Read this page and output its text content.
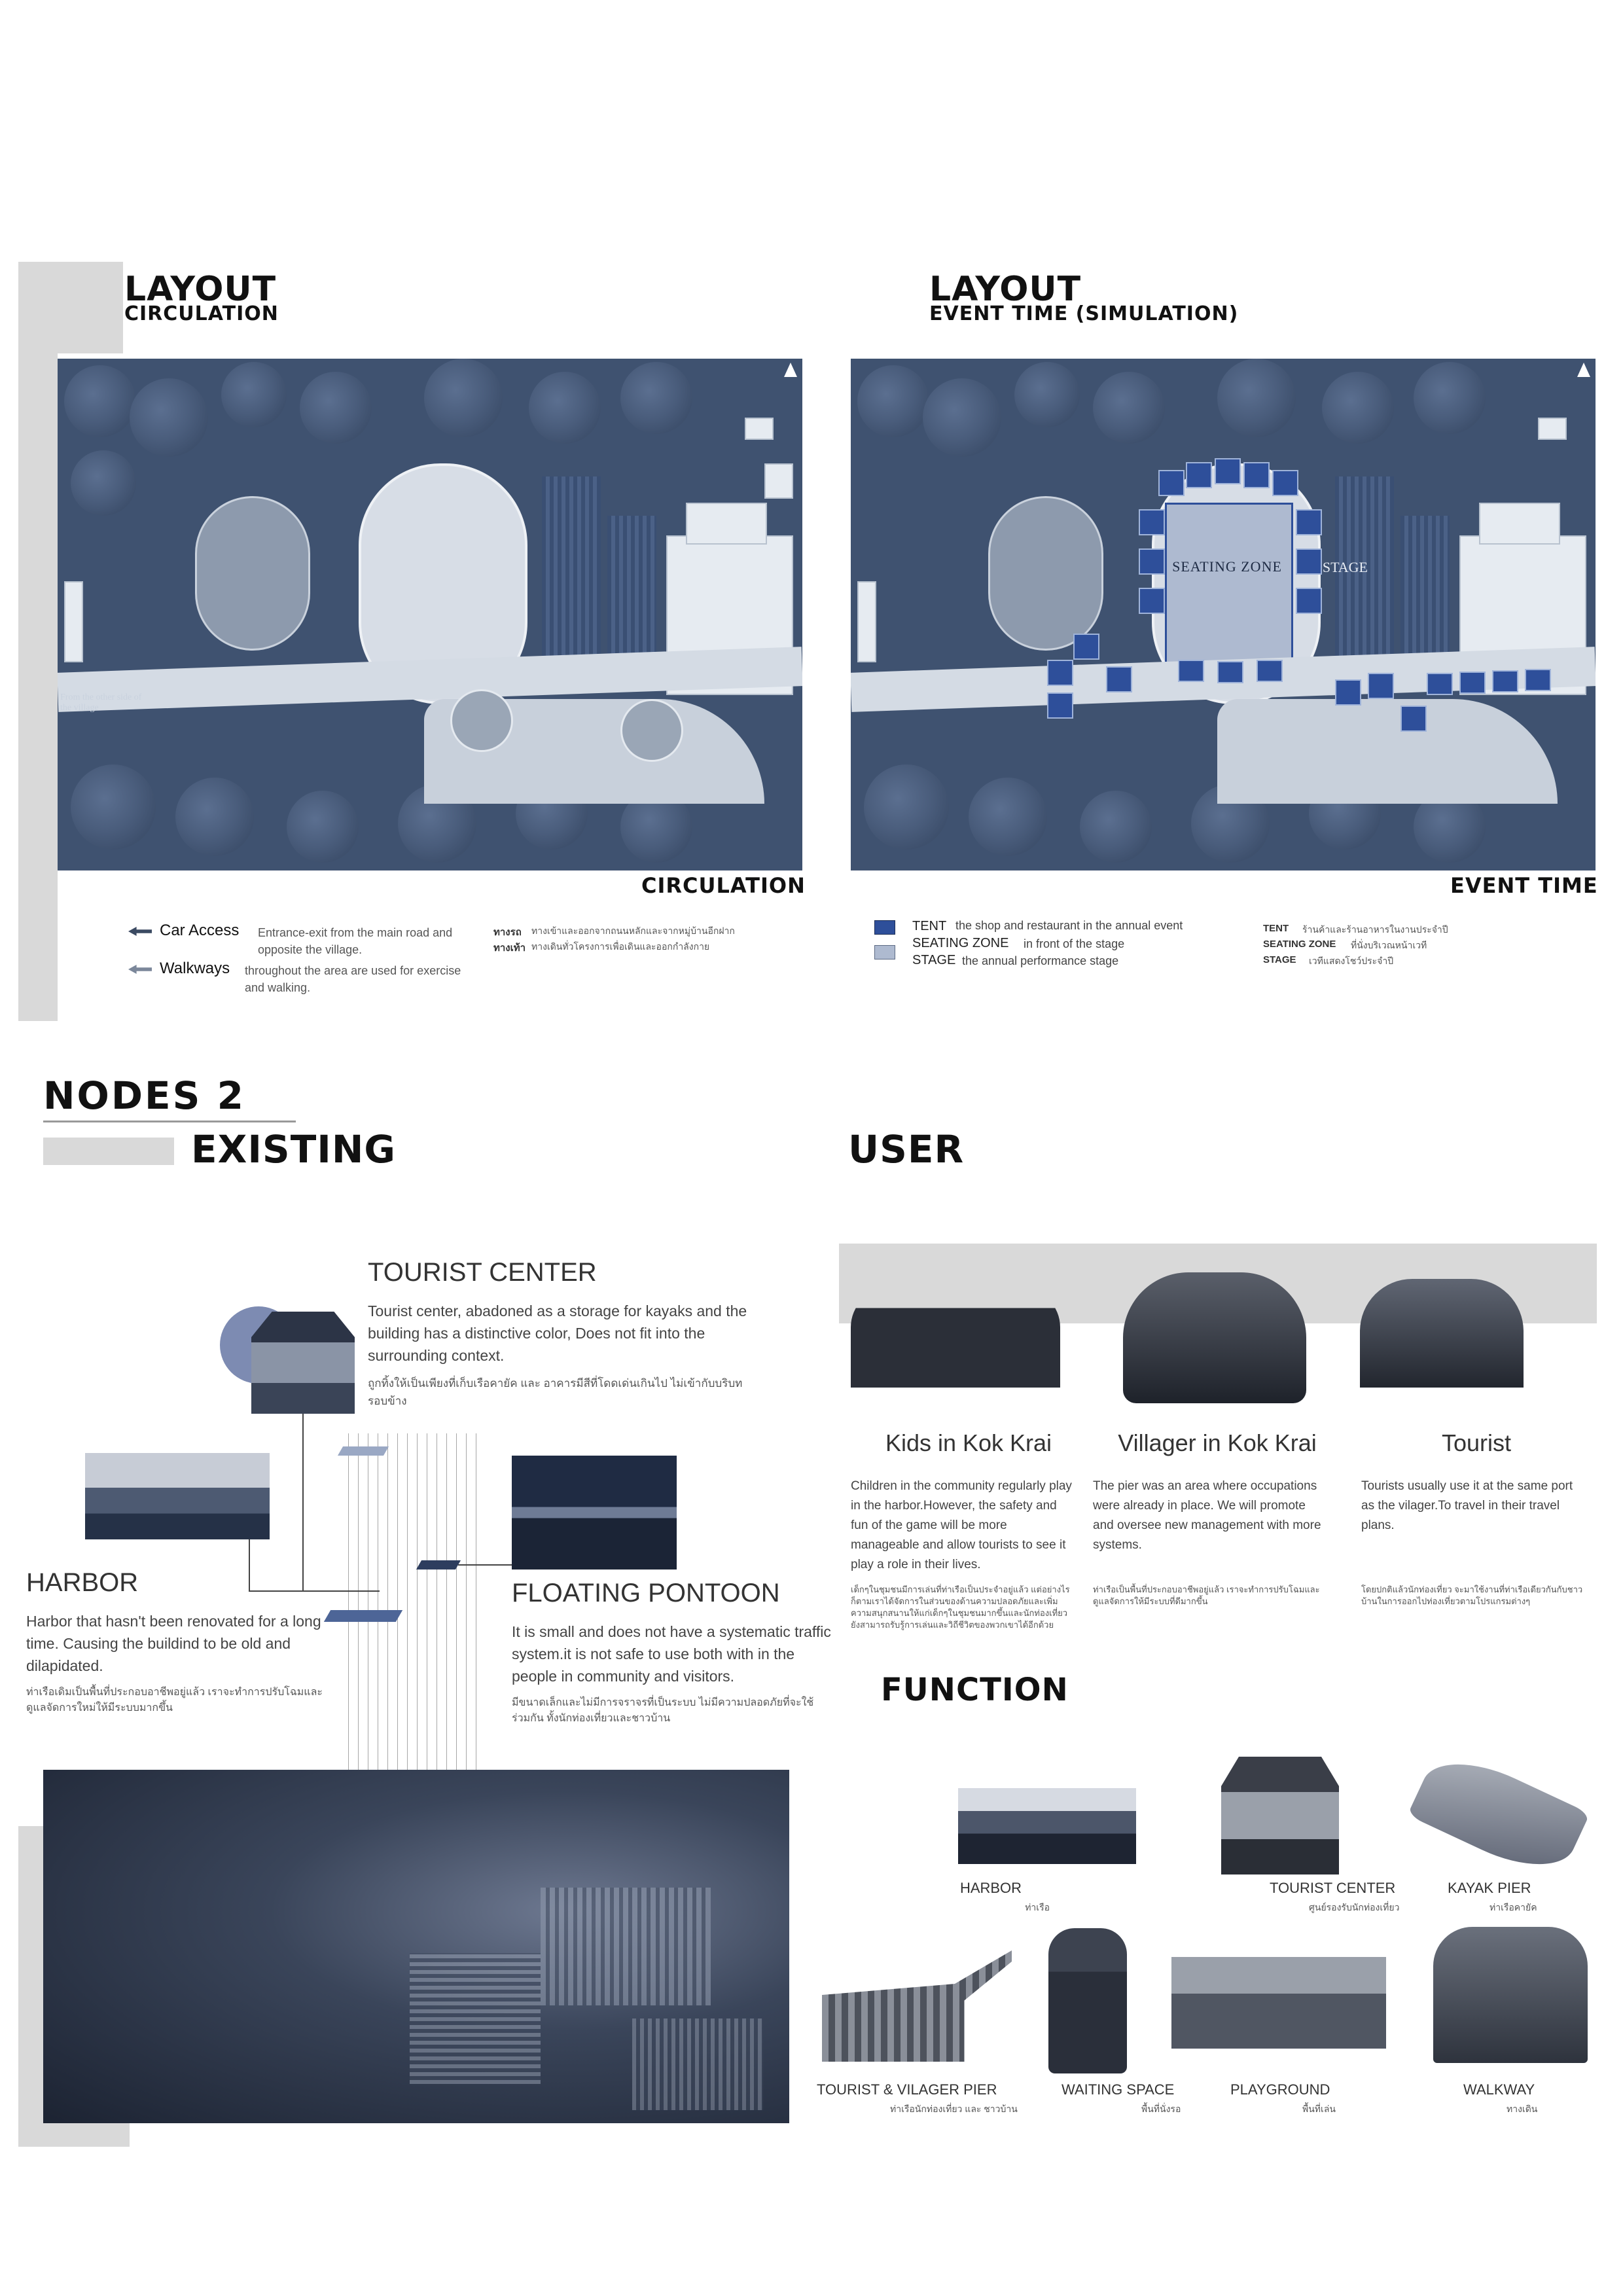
LAYOUT
CIRCULATION
From the other side of the village
CIRCULATION
Car Access Entrance-exit from the main road and opposite the village.
Walkways throughout the area are used for exercise and walking.
ทางรถ ทางเข้าและออกจากถนนหลักและจากหมู่บ้านอีกฝาก
ทางเท้า ทางเดินทั่วโครงการเพื่อเดินและออกกำลังกาย
LAYOUT
EVENT TIME (SIMULATION)
SEATING ZONE	STAGE
EVENT TIME
TENT the shop and restaurant in the annual event
SEATING ZONE in front of the stage
STAGE the annual performance stage
TENT ร้านค้าและร้านอาหารในงานประจำปี
SEATING ZONE ที่นั่งบริเวณหน้าเวที
STAGE เวทีแสดงโชว์ประจำปี
NODES 2
EXISTING	USER
TOURIST CENTER
Tourist center, abadoned as a storage for kayaks and the building has a distinctive color, Does not fit into the surrounding context.
ถูกทิ้งให้เป็นเพียงที่เก็บเรือคายัค และ อาคารมีสีที่โดดเด่นเกินไป ไม่เข้ากับบริบทรอบข้าง
HARBOR
Harbor that hasn't been renovated for a long time. Causing the buildind to be old and dilapidated.
ท่าเรือเดิมเป็นพื้นที่ประกอบอาชีพอยู่แล้ว เราจะทำการปรับโฉมและดูแลจัดการใหม่ให้มีระบบมากขึ้น
FLOATING PONTOON
It is small and does not have a systematic traffic system.it is not safe to use both with in the people in community and visitors.
มีขนาดเล็กและไม่มีการจราจรที่เป็นระบบ ไม่มีความปลอดภัยที่จะใช้ร่วมกัน ทั้งนักท่องเที่ยวและชาวบ้าน
Kids in Kok Krai
Children in the community regularly play in the harbor.However, the safety and fun of the game will be more manageable and allow tourists to see it play a role in their lives.
เด็กๆในชุมชนมีการเล่นที่ท่าเรือเป็นประจำอยู่แล้ว แต่อย่างไรก็ตามเราได้จัดการในส่วนของด้านความปลอดภัยและเพิ่มความสนุกสนานให้แก่เด็กๆในชุมชนมากขึ้นและนักท่องเที่ยวยังสามารถรับรู้การเล่นและวิถีชีวิตของพวกเขาได้อีกด้วย
Villager in Kok Krai
The pier was an area where occupations were already in place. We will promote and oversee new management with more systems.
ท่าเรือเป็นพื้นที่ประกอบอาชีพอยู่แล้ว เราจะทำการปรับโฉมและดูแลจัดการให้มีระบบที่ดีมากขึ้น
Tourist
Tourists usually use it at the same port as the vilager.To travel in their travel plans.
โดยปกติแล้วนักท่องเที่ยว จะมาใช้งานที่ท่าเรือเดียวกันกับชาวบ้านในการออกไปท่องเที่ยวตามโปรแกรมต่างๆ
FUNCTION
HARBOR
ท่าเรือ
TOURIST CENTER
ศูนย์รองรับนักท่องเที่ยว
KAYAK PIER
ท่าเรือคายัค
TOURIST & VILAGER PIER
ท่าเรือนักท่องเที่ยว และ ชาวบ้าน
WAITING SPACE
พื้นที่นั่งรอ
PLAYGROUND
พื้นที่เล่น
WALKWAY
ทางเดิน
